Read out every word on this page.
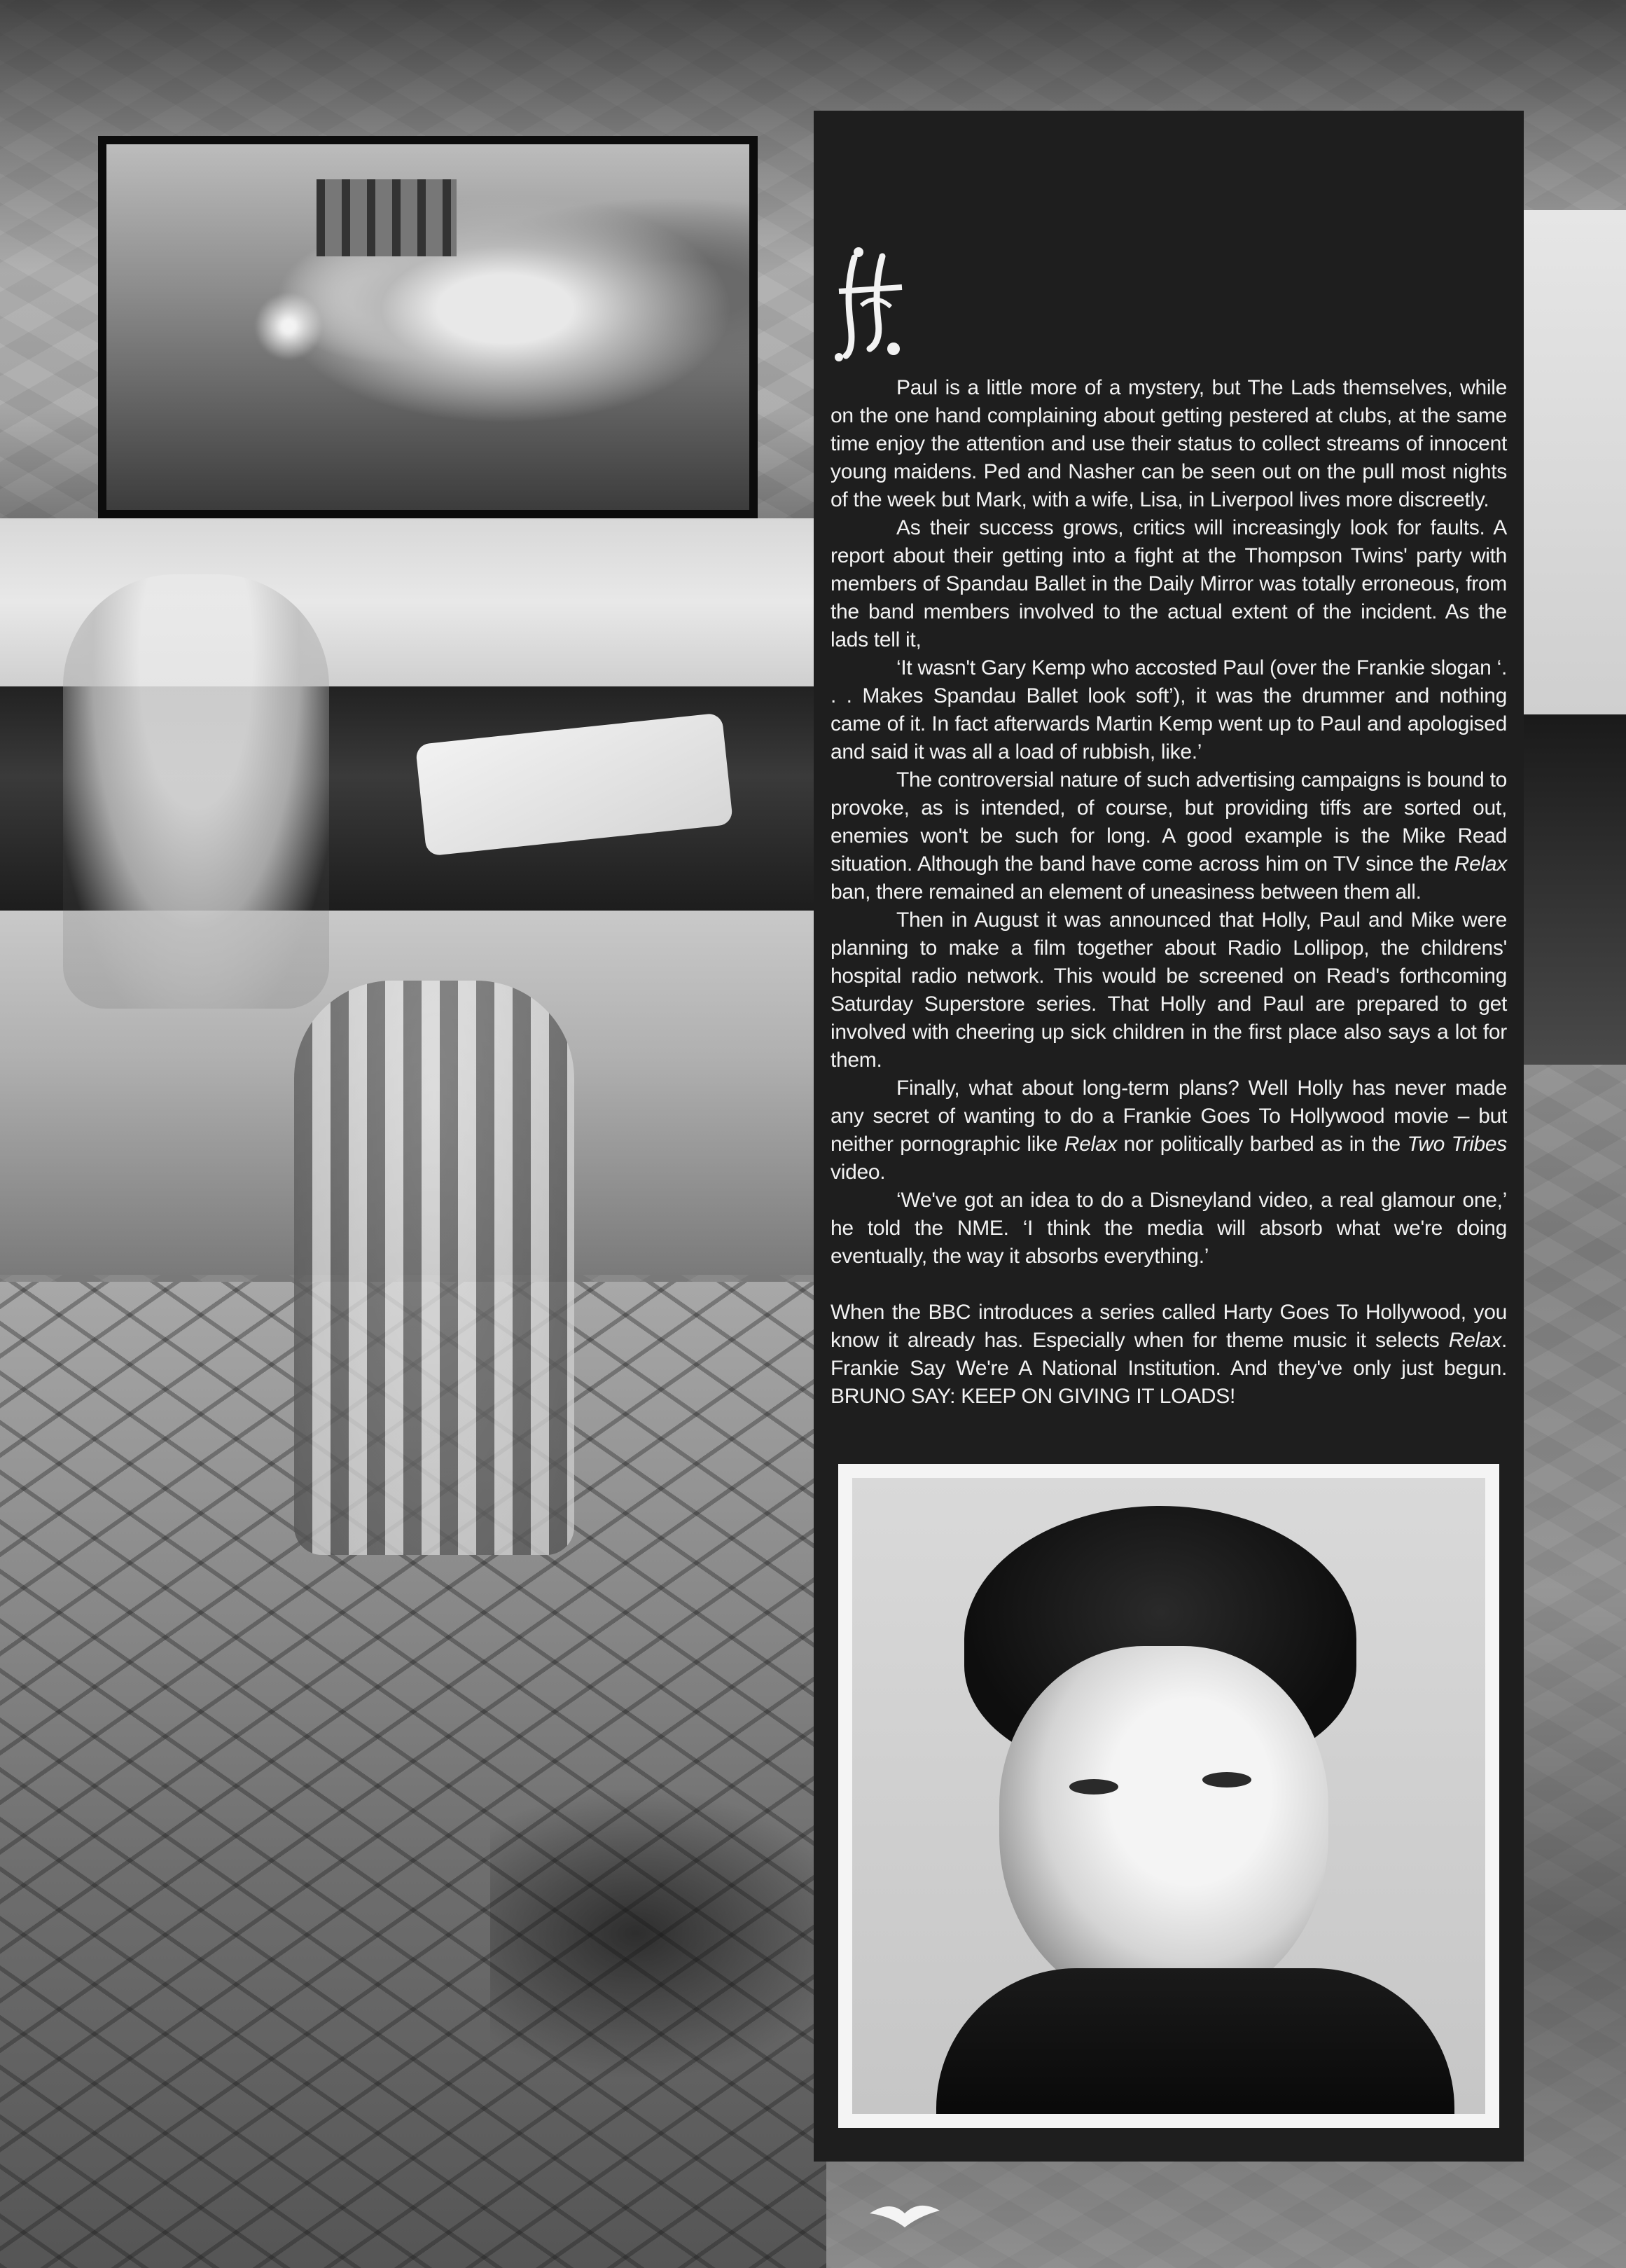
Paul is a little more of a mystery, but The Lads themselves, while on the one hand complaining about getting pestered at clubs, at the same time enjoy the attention and use their status to collect streams of innocent young maidens. Ped and Nasher can be seen out on the pull most nights of the week but Mark, with a wife, Lisa, in Liverpool lives more discreetly.

As their success grows, critics will increasingly look for faults. A report about their getting into a fight at the Thompson Twins' party with members of Spandau Ballet in the Daily Mirror was totally erroneous, from the band members involved to the actual extent of the incident. As the lads tell it,

‘It wasn't Gary Kemp who accosted Paul (over the Frankie slogan ‘. . . Makes Spandau Ballet look soft’), it was the drummer and nothing came of it. In fact afterwards Martin Kemp went up to Paul and apologised and said it was all a load of rubbish, like.’

The controversial nature of such advertising campaigns is bound to provoke, as is intended, of course, but providing tiffs are sorted out, enemies won't be such for long. A good example is the Mike Read situation. Although the band have come across him on TV since the Relax ban, there remained an element of uneasiness between them all.

Then in August it was announced that Holly, Paul and Mike were planning to make a film together about Radio Lollipop, the childrens' hospital radio network. This would be screened on Read's forthcoming Saturday Superstore series. That Holly and Paul are prepared to get involved with cheering up sick children in the first place also says a lot for them.

Finally, what about long-term plans? Well Holly has never made any secret of wanting to do a Frankie Goes To Hollywood movie – but neither pornographic like Relax nor politically barbed as in the Two Tribes video.

‘We've got an idea to do a Disneyland video, a real glamour one,’ he told the NME. ‘I think the media will absorb what we're doing eventually, the way it absorbs everything.’

When the BBC introduces a series called Harty Goes To Hollywood, you know it already has. Especially when for theme music it selects Relax. Frankie Say We're A National Institution. And they've only just begun. BRUNO SAY: KEEP ON GIVING IT LOADS!
